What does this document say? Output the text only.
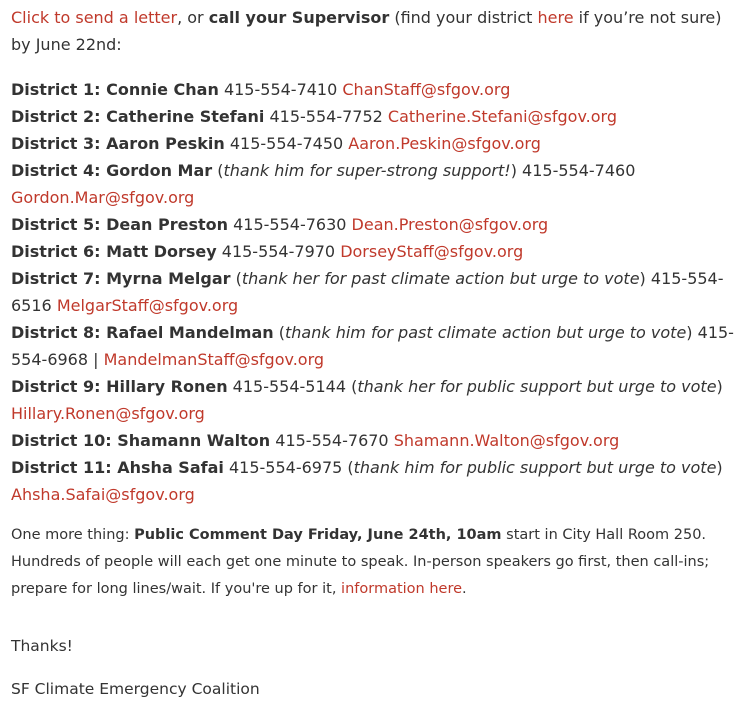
Click to send a letter, or call your Supervisor (find your district here if you’re not sure) by June 22nd:

District 1: Connie Chan 415-554-7410 ChanStaff@sfgov.org
District 2: Catherine Stefani 415-554-7752 Catherine.Stefani@sfgov.org
District 3: Aaron Peskin 415-554-7450 Aaron.Peskin@sfgov.org
District 4: Gordon Mar (thank him for super-strong support!) 415-554-7460 Gordon.Mar@sfgov.org
District 5: Dean Preston 415-554-7630 Dean.Preston@sfgov.org
District 6: Matt Dorsey 415-554-7970 DorseyStaff@sfgov.org
District 7: Myrna Melgar (thank her for past climate action but urge to vote) 415-554-6516 MelgarStaff@sfgov.org
District 8: Rafael Mandelman (thank him for past climate action but urge to vote) 415-554-6968 | MandelmanStaff@sfgov.org
District 9: Hillary Ronen 415-554-5144 (thank her for public support but urge to vote) Hillary.Ronen@sfgov.org
District 10: Shamann Walton 415-554-7670 Shamann.Walton@sfgov.org
District 11: Ahsha Safai 415-554-6975 (thank him for public support but urge to vote) Ahsha.Safai@sfgov.org

One more thing: Public Comment Day Friday, June 24th, 10am start in City Hall Room 250. Hundreds of people will each get one minute to speak. In-person speakers go first, then call-ins; prepare for long lines/wait. If you're up for it, information here.

Thanks!

SF Climate Emergency Coalition
